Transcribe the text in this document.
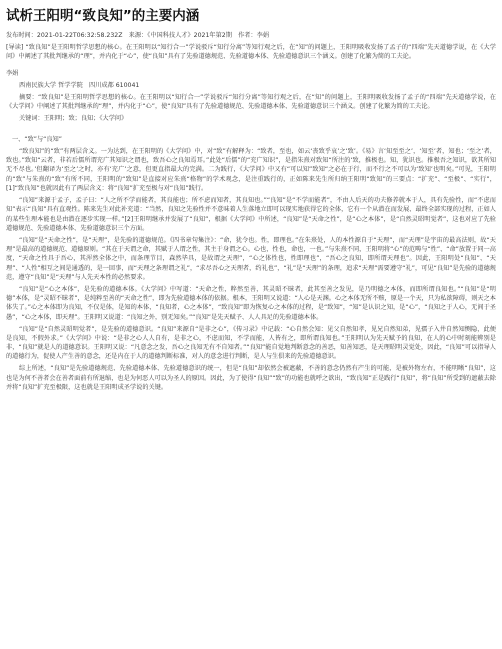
试析王阳明“致良知”的主要内涵
发布时间：2021-01-22T06:32:58.232Z　来源：《中国科技人才》2021年第2期　作者：李娟
[导读] “致良知”是王阳明哲学思想的核心。在王阳明以“知行合一”学说驳斥“知行分离”等知行观之后，在“知”的问题上，王阳明吸收发扬了孟子的“四端”先天道德学说，在《大学问》中阐述了其批判继承的“理”，并内化于“心”，使“良知”具有了先验道德规范、先验道德本体、先验道德意识三个涵义。创建了化繁为简的工夫论。
李娟
西南民族大学 哲学学院　四川成都 610041
摘要：“致良知”是王阳明哲学思想的核心。在王阳明以“知行合一”学说驳斥“知行分离”等知行观之后，在“知”的问题上，王阳明吸收发扬了孟子的“四端”先天道德学说，在《大学问》中阐述了其批判继承的“理”，并内化于“心”，使“良知”具有了先验道德规范、先验道德本体、先验道德意识三个涵义。创建了化繁为简的工夫论。
关键词：王阳明；致；良知；《大学问》
一、“致”与“良知”
“致良知”的“致”有两层含义。一为达到，在王阳明的《大学问》中，对“致”有解释为：“致者，至也，如云‘丧致乎哀’之‘致’。《易》言‘知至至之’，‘知至’者，知也；‘至之’者，致也。”致知“云者，非若后儒所谓充广其知识之谓也，致吾心之良知焉耳。”此处“后儒”的“充广知识”，是指朱熹对致知“所注的‘致，推极也。知，犹识也。推极吾之知识，欲其所知无不尽也。’但翻译为‘至之’之时，亦有‘充广’之意，但更直指最大的完满。二为践行，《大学问》中又有“可以知”致知“之必在于行，而不行之不可以为‘致知’也明矣。”可见，王阳明的“致”与朱熹的“致”有所不同，王阳明的“致知”是直接对应朱熹“格物”的学术观念，是注重践行的，正如陈来先生所归纳王阳明“致知”的三要点：“扩充”、“至极”、“实行”，[1]“致良知”也就因此有了两层含义：将“良知”扩充至极与对“良知”践行。
“良知”来源于孟子，孟子曰：“人之所不学而能者，其良能也；所不虑而知者，其良知也。”“良知”是“不学而能者”，不由人后天的功夫修养就本于人，具有先验性，而“不虑而知”表示“良知”具有直观性。陈来先生对此补充道：“当然，良知之先验性并不意味着人生落地立即可以现实地获得它的全体，它有一个从潜在而发展、最终全部实现的过程，正如人的某些生理本能也是由潜在逐步实现一样。”[2]王阳明继承并发展了“良知”，根据《大学问》中所述，“良知”是“天命之性”，是“心之本体”，是“自然灵昭明觉者”，这也对应了先验道德规范、先验道德本体、先验道德意识三个方面。
“良知”是“天命之性”，是“天理”，是先验的道德规范。《四书章句集注》：“命，犹令也。性，即理也。”在朱熹处，人的本性源自于“天理”，而“天理”是宇宙的最高法则，故“天理”是最高的道德规范、道德原则。“其在于天谓之命，其赋于人谓之性，其主于身谓之心。心也，性也，命也，一也。”与朱熹不同，王阳明将“心”的范畴与“性”、“命”放置于同一高度，“天命之性具于吾心，其浑然全体之中，而条理节目，森然毕具，是故谓之天理”，“心之体性也，性即理也”，“吾心之良知，即所谓天理也”。因此，王阳明处“良知”、“天理”、“人性”相互之间是通透的，是一回事，而“天理之条理谓之礼”，“求尽吾心之天理者，约礼也”，“礼”是“天理”的条理，追求“天理”需要遵守“礼”，可见“良知”是先验的道德规范，遵守“良知”是“天理”与人先天本性的必然要求。
“良知”是“心之本体”，是先验的道德本体。《大学问》中写道：“天命之性，粹然至善，其灵昭不昧者，此其至善之发见，是乃明德之本体，而即所谓良知也。”“良知”是“明德”本体，是“灵昭不昧者”，是纯粹至善的“天命之性”，即为先验道德本体的依据。根本，王阳明又说道：“人心是天渊。心之本体无所不赅，原是一个天，只为私欲障碍，则天之本体失了。”心之本体即为良知，不仅是体，是知的本体，“良知者，心之本体”，“致良知”即为恢复心之本体的过程，是“致知”，“知”是认识之知，是“心”，“良知之于人心，无间于圣愚”，“心之本体，即天理”。王阳明又说道：“良知之外，别无知矣。”“良知”是先天赋予、人人具足的先验道德本体。
“良知”是“自然灵昭明觉者”，是先验的道德意识。“良知”来源自“是非之心”，《传习录》中记载：“心自然会知：见父自然知孝，见兄自然知弟，见孺子入井自然知恻隐，此便是良知，不假外求。”《大学问》中说：“是非之心人人自有，是非之心，不虑而知，不学而能，人皆有之，即所谓良知也。”王阳明认为先天赋予的良知，在人的心中时刻能辨别是非，“良知”就是人的道德意识。王阳明又说：“凡意念之发，吾心之良知无有不自知者。”“良知”能自觉地判断意念的善恶，知善知恶，是天理昭明灵觉处，因此，“良知”可以指导人的道德行为，促使人产生善的意念，还是内在于人的道德判断标准，对人的意念进行判断，是人与生俱来的先验道德意识。
综上所述，“良知”是先验道德规范、先验道德本体、先验道德意识的统一，但是“良知”却依然会被遮蔽，不善的意念仍然有产生的可能，是被外物左右，不能明晰“良知”，这也是为何不善者会在善者面前有所退缩，也是为何恶人可以为圣人的原因。因此，为了使得“良知”“致”的功能也就呼之欲出，“致良知”正是践行“良知”，将“良知”所受到的遮蔽去除并将“良知”扩充至极限，这也就是王阳明成圣学说的关键。
